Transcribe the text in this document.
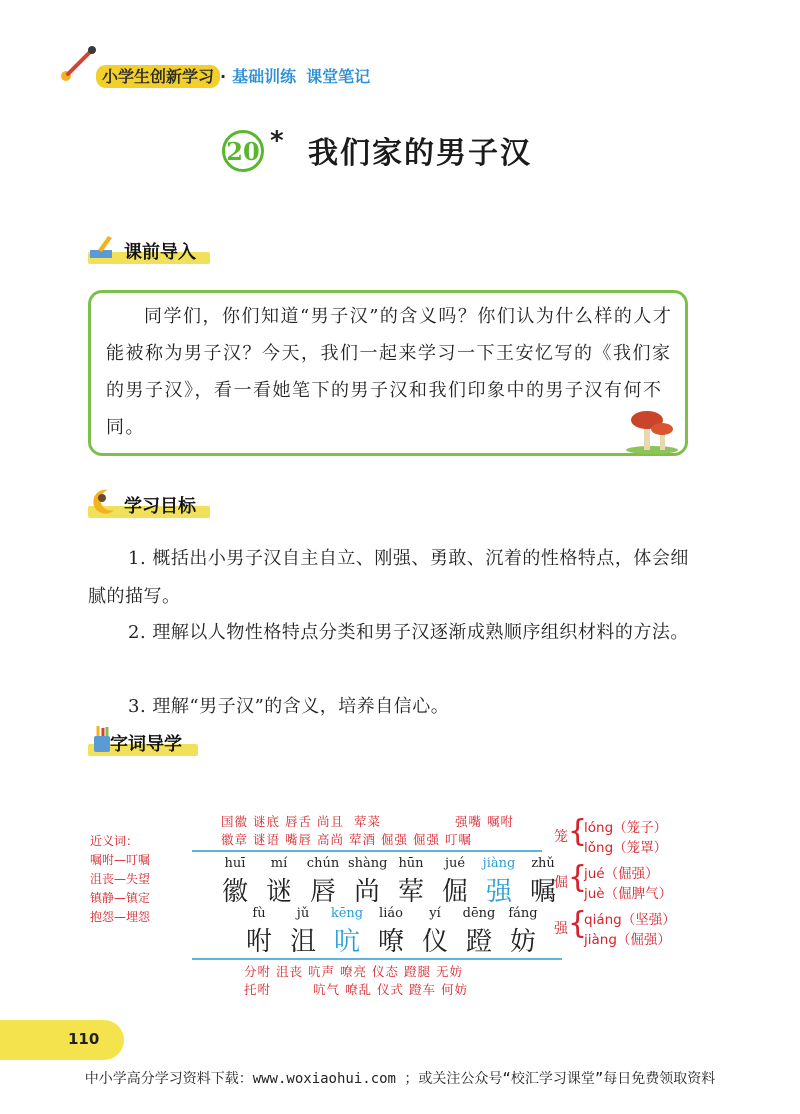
小学生创新学习 · 基础训练 课堂笔记
20 * 我们家的男子汉
课前导入
同学们，你们知道“男子汉”的含义吗？你们认为什么样的人才能被称为男子汉？今天，我们一起来学习一下王安忆写的《我们家的男子汉》，看一看她笔下的男子汉和我们印象中的男子汉有何不同。
学习目标
1. 概括出小男子汉自主自立、刚强、勇敢、沉着的性格特点，体会细腻的描写。
2. 理解以人物性格特点分类和男子汉逐渐成熟顺序组织材料的方法。
3. 理解“男子汉”的含义，培养自信心。
字词导学
近义词：
嘱咐—叮嘱
沮丧—失望
镇静—镇定
抱怨—埋怨
国徽 谜底 唇舌 尚且 荤菜	强嘴 嘱咐
徽章 谜语 嘴唇 高尚 荤酒 倔强 倔强 叮嘱
huī
徽
mí
谜
chún
唇
shàng
尚
hūn
荤
jué
倔
jiàng
强
zhǔ
嘱
fù
咐
jǔ
沮
kēng
吭
liáo
嘹
yí
仪
dēng
蹬
fáng
妨
分咐 沮丧 吭声 嘹亮 仪态 蹬腿 无妨
托咐	吭气 嘹乱 仪式 蹬车 何妨
笼 {
lóng（笼子）
lǒng（笼罩）
倔 {
jué（倔强）
juè（倔脾气）
强 {
qiáng（坚强）
jiàng（倔强）
110
中小学高分学习资料下载：www.woxiaohui.com ；或关注公众号“校汇学习课堂”每日免费领取资料
